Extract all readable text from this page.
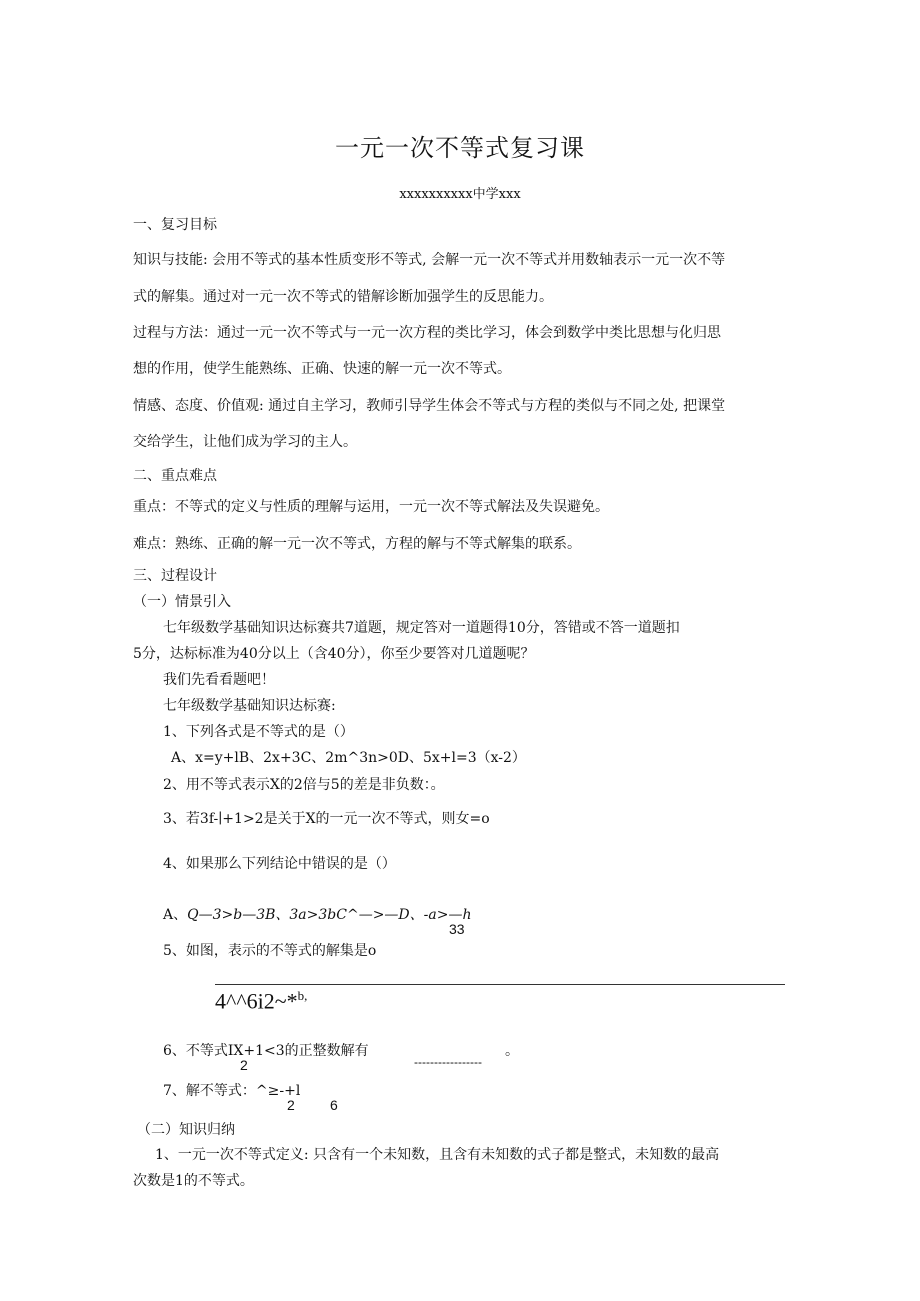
一元一次不等式复习课
xxxxxxxxxx中学xxx
一、复习目标
知识与技能: 会用不等式的基本性质变形不等式, 会解一元一次不等式并用数轴表示一元一次不等
式的解集。通过对一元一次不等式的错解诊断加强学生的反思能力。
过程与方法：通过一元一次不等式与一元一次方程的类比学习，体会到数学中类比思想与化归思
想的作用，使学生能熟练、正确、快速的解一元一次不等式。
情感、态度、价值观: 通过自主学习，教师引导学生体会不等式与方程的类似与不同之处, 把课堂
交给学生，让他们成为学习的主人。
二、重点难点
重点：不等式的定义与性质的理解与运用，一元一次不等式解法及失误避免。
难点：熟练、正确的解一元一次不等式，方程的解与不等式解集的联系。
三、过程设计
（一）情景引入
七年级数学基础知识达标赛共7道题，规定答对一道题得10分，答错或不答一道题扣
5分，达标标准为40分以上（含40分），你至少要答对几道题呢？
我们先看看题吧！
七年级数学基础知识达标赛:
1、下列各式是不等式的是（）
A、x=y+lB、2x+3C、2m^3n>0D、5x+l=3（x-2）
2、用不等式表示X的2倍与5的差是非负数：。
3、若3f-∣+1>2是关于X的一元一次不等式，则女=o
4、如果那么下列结论中错误的是（）
A、Q—3>b—3B、3a>3bC^—>—D、-a>—h
33
5、如图，表示的不等式的解集是o
4^^6i2~*$^{b,}$
6、不等式IX+1<3的正整数解有	。
2	-----------------
7、解不等式：^≥-+l
2	6
（二）知识归纳
1、一元一次不等式定义: 只含有一个未知数，且含有未知数的式子都是整式，未知数的最高
次数是1的不等式。
